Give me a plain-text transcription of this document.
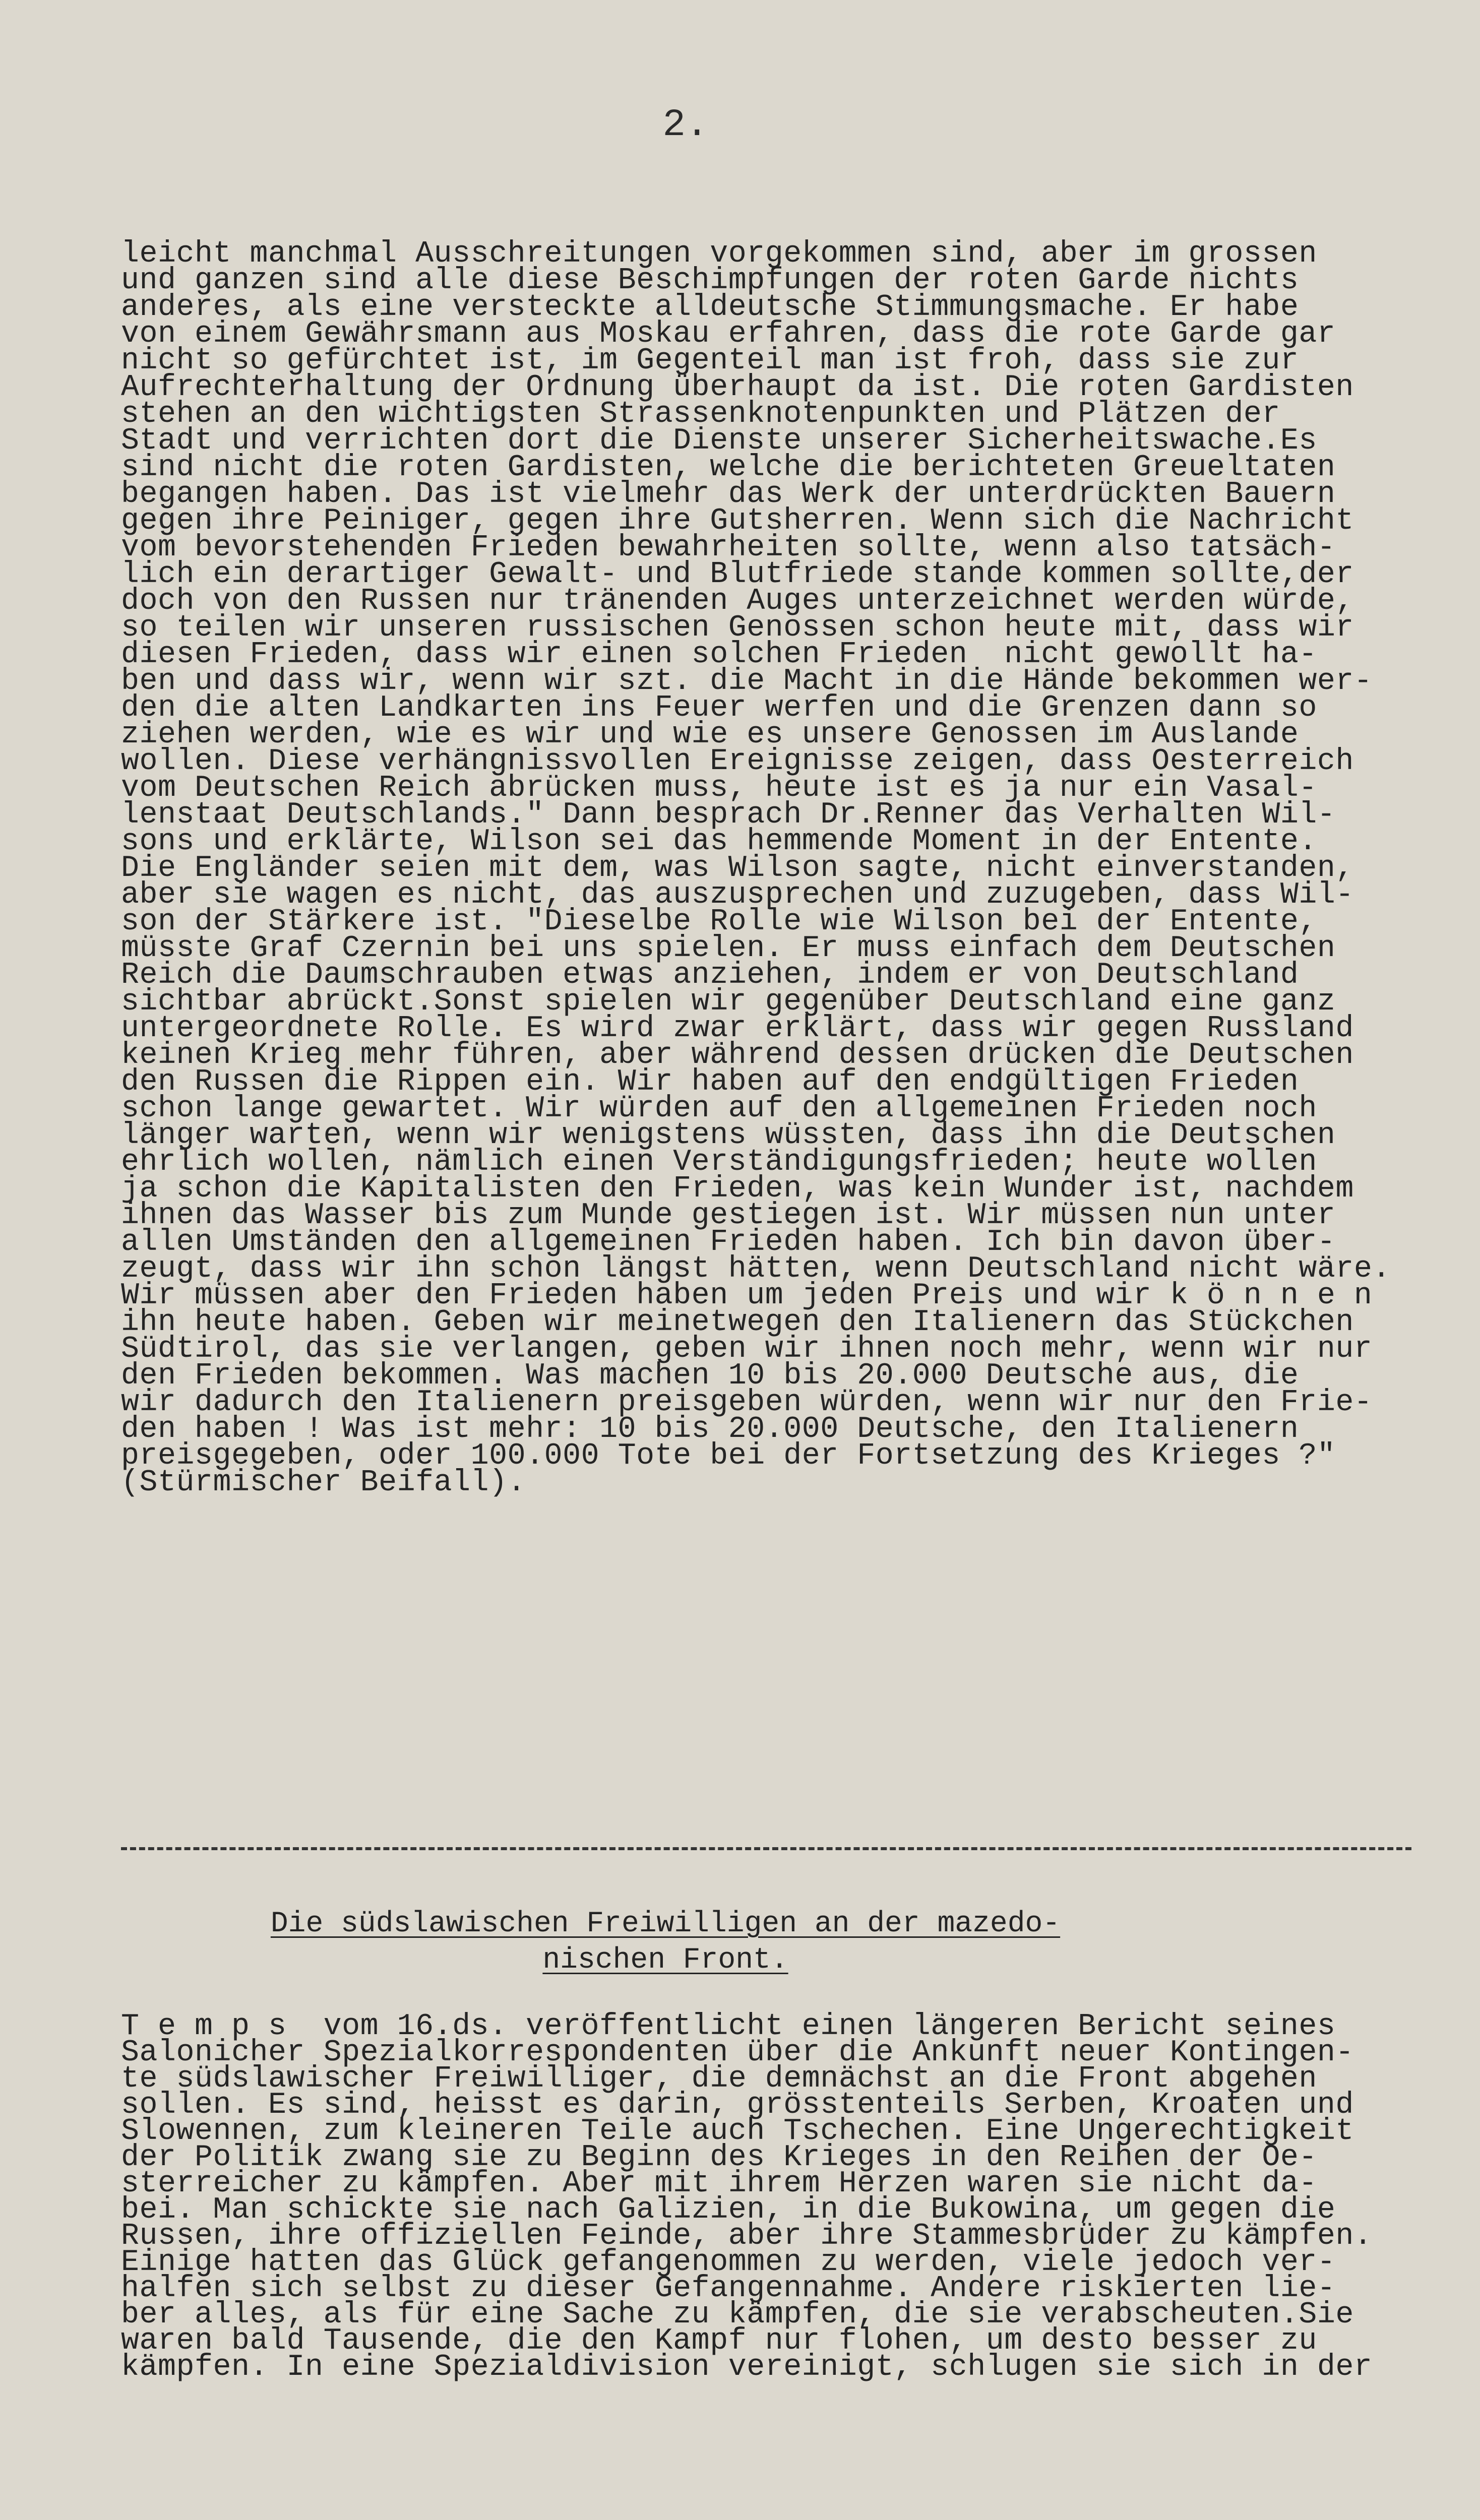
2.
leicht manchmal Ausschreitungen vorgekommen sind, aber im grossen
und ganzen sind alle diese Beschimpfungen der roten Garde nichts
anderes, als eine versteckte alldeutsche Stimmungsmache. Er habe
von einem Gewährsmann aus Moskau erfahren, dass die rote Garde gar
nicht so gefürchtet ist, im Gegenteil man ist froh, dass sie zur
Aufrechterhaltung der Ordnung überhaupt da ist. Die roten Gardisten
stehen an den wichtigsten Strassenknotenpunkten und Plätzen der
Stadt und verrichten dort die Dienste unserer Sicherheitswache.Es
sind nicht die roten Gardisten, welche die berichteten Greueltaten
begangen haben. Das ist vielmehr das Werk der unterdrückten Bauern
gegen ihre Peiniger, gegen ihre Gutsherren. Wenn sich die Nachricht
vom bevorstehenden Frieden bewahrheiten sollte, wenn also tatsäch-
lich ein derartiger Gewalt- und Blutfriede stande kommen sollte,der
doch von den Russen nur tränenden Auges unterzeichnet werden würde,
so teilen wir unseren russischen Genossen schon heute mit, dass wir
diesen Frieden, dass wir einen solchen Frieden  nicht gewollt ha-
ben und dass wir, wenn wir szt. die Macht in die Hände bekommen wer-
den die alten Landkarten ins Feuer werfen und die Grenzen dann so
ziehen werden, wie es wir und wie es unsere Genossen im Auslande
wollen. Diese verhängnissvollen Ereignisse zeigen, dass Oesterreich
vom Deutschen Reich abrücken muss, heute ist es ja nur ein Vasal-
lenstaat Deutschlands." Dann besprach Dr.Renner das Verhalten Wil-
sons und erklärte, Wilson sei das hemmende Moment in der Entente.
Die Engländer seien mit dem, was Wilson sagte, nicht einverstanden,
aber sie wagen es nicht, das auszusprechen und zuzugeben, dass Wil-
son der Stärkere ist. "Dieselbe Rolle wie Wilson bei der Entente,
müsste Graf Czernin bei uns spielen. Er muss einfach dem Deutschen
Reich die Daumschrauben etwas anziehen, indem er von Deutschland
sichtbar abrückt.Sonst spielen wir gegenüber Deutschland eine ganz
untergeordnete Rolle. Es wird zwar erklärt, dass wir gegen Russland
keinen Krieg mehr führen, aber während dessen drücken die Deutschen
den Russen die Rippen ein. Wir haben auf den endgültigen Frieden
schon lange gewartet. Wir würden auf den allgemeinen Frieden noch
länger warten, wenn wir wenigstens wüssten, dass ihn die Deutschen
ehrlich wollen, nämlich einen Verständigungsfrieden; heute wollen
ja schon die Kapitalisten den Frieden, was kein Wunder ist, nachdem
ihnen das Wasser bis zum Munde gestiegen ist. Wir müssen nun unter
allen Umständen den allgemeinen Frieden haben. Ich bin davon über-
zeugt, dass wir ihn schon längst hätten, wenn Deutschland nicht wäre.
Wir müssen aber den Frieden haben um jeden Preis und wir k ö n n e n
ihn heute haben. Geben wir meinetwegen den Italienern das Stückchen
Südtirol, das sie verlangen, geben wir ihnen noch mehr, wenn wir nur
den Frieden bekommen. Was machen 10 bis 20.000 Deutsche aus, die
wir dadurch den Italienern preisgeben würden, wenn wir nur den Frie-
den haben ! Was ist mehr: 10 bis 20.000 Deutsche, den Italienern
preisgegeben, oder 100.000 Tote bei der Fortsetzung des Krieges ?"
(Stürmischer Beifall).
Die südslawischen Freiwilligen an der mazedo-
nischen Front.
T e m p s  vom 16.ds. veröffentlicht einen längeren Bericht seines
Salonicher Spezialkorrespondenten über die Ankunft neuer Kontingen-
te südslawischer Freiwilliger, die demnächst an die Front abgehen
sollen. Es sind, heisst es darin, grösstenteils Serben, Kroaten und
Slowennen, zum kleineren Teile auch Tschechen. Eine Ungerechtigkeit
der Politik zwang sie zu Beginn des Krieges in den Reihen der Oe-
sterreicher zu kämpfen. Aber mit ihrem Herzen waren sie nicht da-
bei. Man schickte sie nach Galizien, in die Bukowina, um gegen die
Russen, ihre offiziellen Feinde, aber ihre Stammesbrüder zu kämpfen.
Einige hatten das Glück gefangenommen zu werden, viele jedoch ver-
halfen sich selbst zu dieser Gefangennahme. Andere riskierten lie-
ber alles, als für eine Sache zu kämpfen, die sie verabscheuten.Sie
waren bald Tausende, die den Kampf nur flohen, um desto besser zu
kämpfen. In eine Spezialdivision vereinigt, schlugen sie sich in der
